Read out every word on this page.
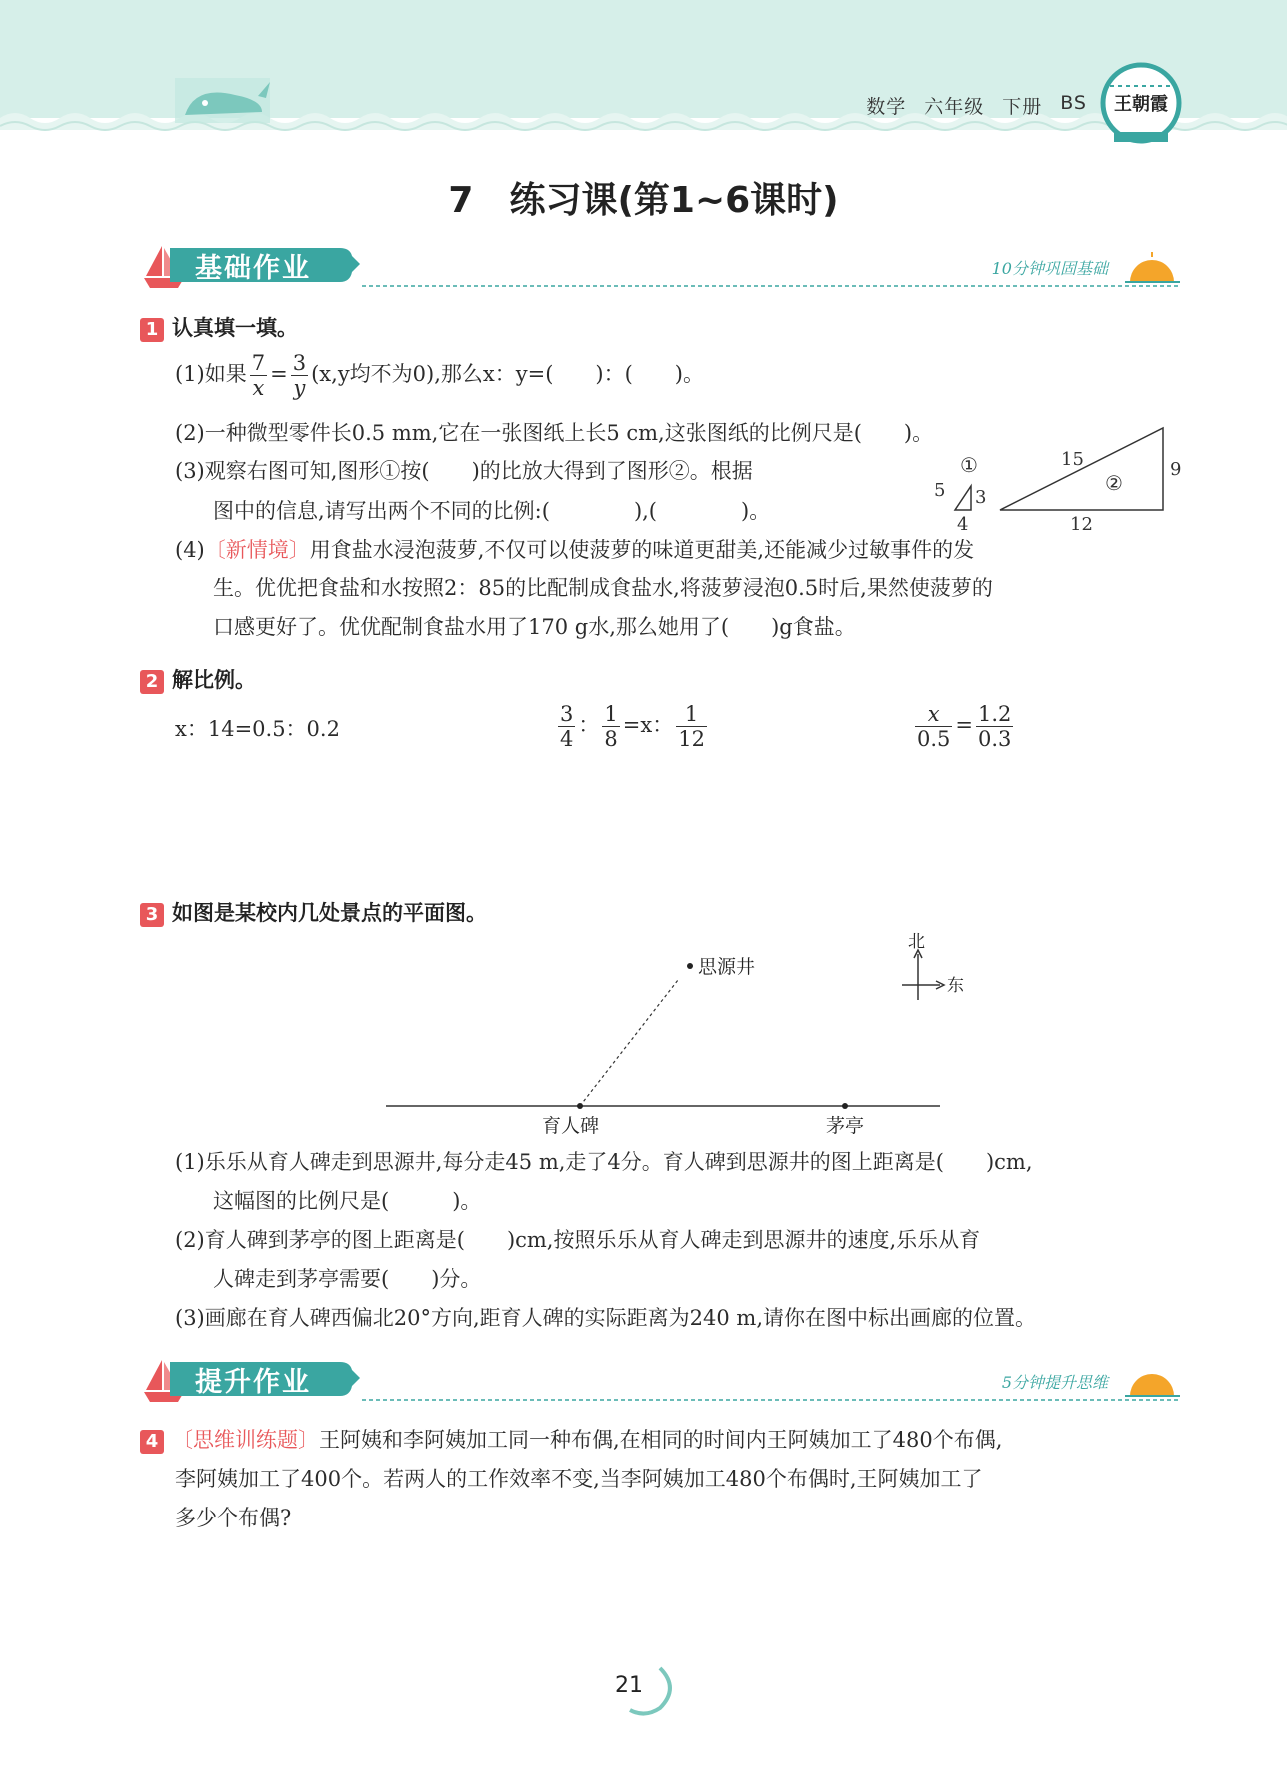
数学 六年级 下册 BS	王朝霞
7　练习课(第1~6课时)
基础作业	10分钟巩固基础
1 认真填一填。
(1)如果 $\frac{7}{x} = \frac{3}{y} (x,y$均不为0),那么x：y=(　　)：(　　)。
(2)一种微型零件长0.5 mm,它在一张图纸上长5 cm,这张图纸的比例尺是(　　)。
(3)观察右图可知,图形①按(　　)的比放大得到了图形②。根据
图中的信息,请写出两个不同的比例:(　　　　),(　　　　)。
①
5 3
4
②
15	9
12
(4)〔新情境〕用食盐水浸泡菠萝,不仅可以使菠萝的味道更甜美,还能减少过敏事件的发
生。优优把食盐和水按照2：85的比配制成食盐水,将菠萝浸泡0.5时后,果然使菠萝的
口感更好了。优优配制食盐水用了170 g水,那么她用了(　　)g食盐。
2 解比例。
x：14=0.5：0.2	$\frac{3}{4}$ ： $\frac{1}{8} =x$： $\frac{1}{12}$	$\frac{x}{0.5} = \frac{1.2}{0.3}$
3 如图是某校内几处景点的平面图。
思源井
育人碑	茅亭
北
东
(1)乐乐从育人碑走到思源井,每分走45 m,走了4分。育人碑到思源井的图上距离是(　　)cm,
这幅图的比例尺是(　　　)。
(2)育人碑到茅亭的图上距离是(　　)cm,按照乐乐从育人碑走到思源井的速度,乐乐从育
人碑走到茅亭需要(　　)分。
(3)画廊在育人碑西偏北20°方向,距育人碑的实际距离为240 m,请你在图中标出画廊的位置。
提升作业	5分钟提升思维
4 〔思维训练题〕王阿姨和李阿姨加工同一种布偶,在相同的时间内王阿姨加工了480个布偶,
李阿姨加工了400个。若两人的工作效率不变,当李阿姨加工480个布偶时,王阿姨加工了
多少个布偶?
21
